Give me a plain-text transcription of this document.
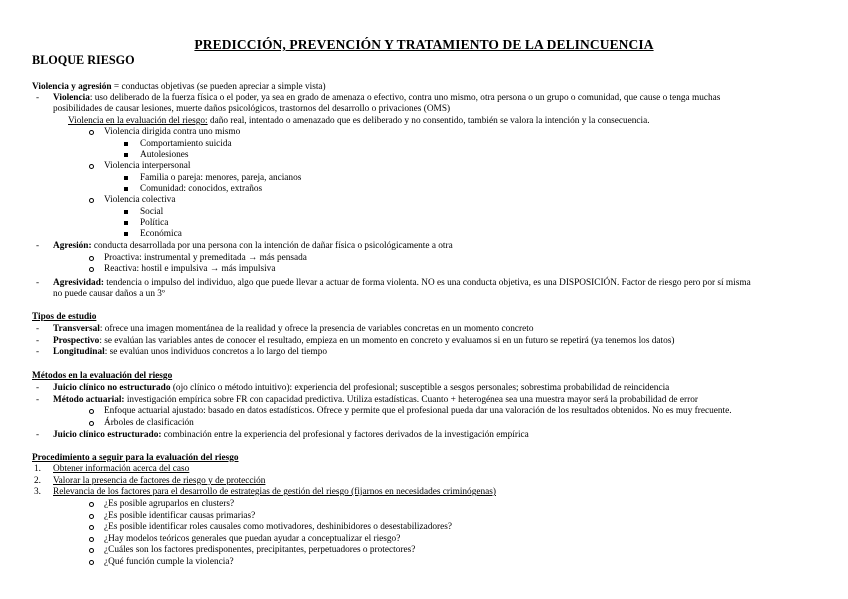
PREDICCIÓN, PREVENCIÓN Y TRATAMIENTO DE LA DELINCUENCIA
BLOQUE RIESGO
Violencia y agresión = conductas objetivas (se pueden apreciar a simple vista)
- Violencia: uso deliberado de la fuerza física o el poder, ya sea en grado de amenaza o efectivo, contra uno mismo, otra persona o un grupo o comunidad, que cause o tenga muchas
posibilidades de causar lesiones, muerte daños psicológicos, trastornos del desarrollo o privaciones (OMS)
Violencia en la evaluación del riesgo: daño real, intentado o amenazado que es deliberado y no consentido, también se valora la intención y la consecuencia.
Violencia dirigida contra uno mismo
Comportamiento suicida
Autolesiones
Violencia interpersonal
Familia o pareja: menores, pareja, ancianos
Comunidad: conocidos, extraños
Violencia colectiva
Social
Política
Económica
- Agresión: conducta desarrollada por una persona con la intención de dañar física o psicológicamente a otra
Proactiva: instrumental y premeditada → más pensada
Reactiva: hostil e impulsiva → más impulsiva
- Agresividad: tendencia o impulso del individuo, algo que puede llevar a actuar de forma violenta. NO es una conducta objetiva, es una DISPOSICIÓN. Factor de riesgo pero por sí misma
no puede causar daños a un 3º
Tipos de estudio
- Transversal: ofrece una imagen momentánea de la realidad y ofrece la presencia de variables concretas en un momento concreto
- Prospectivo: se evalúan las variables antes de conocer el resultado, empieza en un momento en concreto y evaluamos si en un futuro se repetirá (ya tenemos los datos)
- Longitudinal: se evalúan unos individuos concretos a lo largo del tiempo
Métodos en la evaluación del riesgo
- Juicio clínico no estructurado (ojo clínico o método intuitivo): experiencia del profesional; susceptible a sesgos personales; sobrestima probabilidad de reincidencia
- Método actuarial: investigación empírica sobre FR con capacidad predictiva. Utiliza estadísticas. Cuanto + heterogénea sea una muestra mayor será la probabilidad de error
Enfoque actuarial ajustado: basado en datos estadísticos. Ofrece y permite que el profesional pueda dar una valoración de los resultados obtenidos. No es muy frecuente.
Árboles de clasificación
- Juicio clínico estructurado: combinación entre la experiencia del profesional y factores derivados de la investigación empírica
Procedimiento a seguir para la evaluación del riesgo
1. Obtener información acerca del caso
2. Valorar la presencia de factores de riesgo y de protección
3. Relevancia de los factores para el desarrollo de estrategias de gestión del riesgo (fijarnos en necesidades criminógenas)
¿Es posible agruparlos en clusters?
¿Es posible identificar causas primarias?
¿Es posible identificar roles causales como motivadores, deshinibidores o desestabilizadores?
¿Hay modelos teóricos generales que puedan ayudar a conceptualizar el riesgo?
¿Cuáles son los factores predisponentes, precipitantes, perpetuadores o protectores?
¿Qué función cumple la violencia?
